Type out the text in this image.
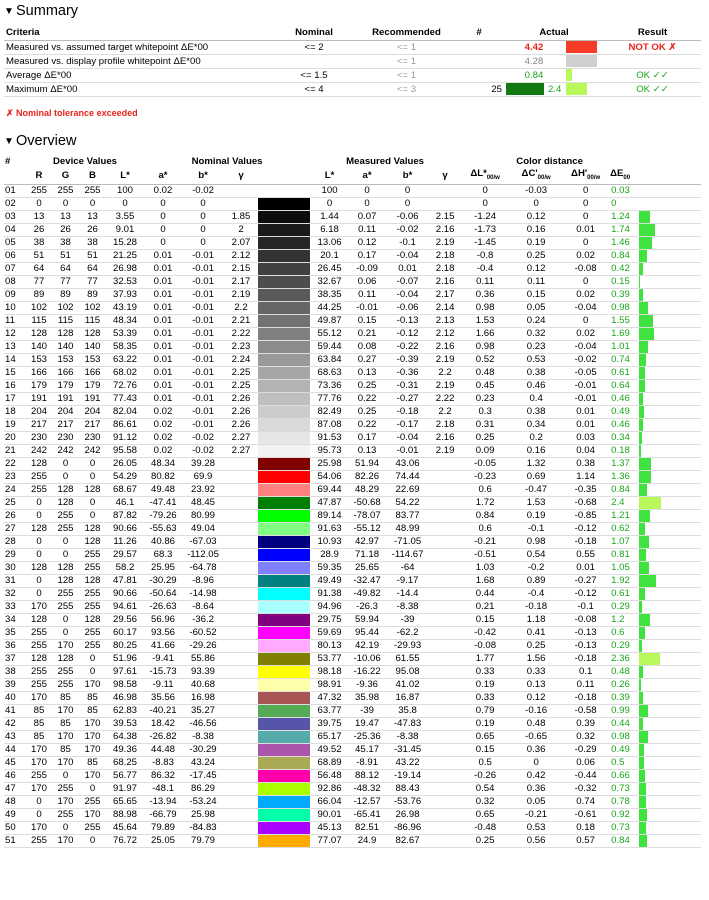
▼ Summary
Criteria	Nominal	Recommended	#	Actual		Result
Measured vs. assumed target whitepoint ΔE*00	<= 2	<= 1		4.42		NOT OK ✗
Measured vs. display profile whitepoint ΔE*00		<= 1		4.28	

Average ΔE*00	<= 1.5	<= 1		0.84		OK ✓✓
Maximum ΔE*00	<= 4	<= 3	25	2.4		OK ✓✓
✗ Nominal tolerance exceeded
▼ Overview
#	Device Values				Nominal Values				Measured Values				Color distance				
	R	G	B	L*	a*	b*	γ		L*	a*	b*	γ	$\Delta L*_{00/w}$	$\Delta C'_{00/w}$	$\Delta H'_{00/w}$	$\Delta E_{00}$	
01	255	255	255	100	0.02	-0.02			100	0	0		0	-0.03	0	0.03	
02	0	0	0	0	0	0			0	0	0		0	0	0	0	
03	13	13	13	3.55	0	0	1.85		1.44	0.07	-0.06	2.15	-1.24	0.12	0	1.24	

04	26	26	26	9.01	0	0	2		6.18	0.11	-0.02	2.16	-1.73	0.16	0.01	1.74	

05	38	38	38	15.28	0	0	2.07		13.06	0.12	-0.1	2.19	-1.45	0.19	0	1.46	

06	51	51	51	21.25	0.01	-0.01	2.12		20.1	0.17	-0.04	2.18	-0.8	0.25	0.02	0.84	

07	64	64	64	26.98	0.01	-0.01	2.15		26.45	-0.09	0.01	2.18	-0.4	0.12	-0.08	0.42	

08	77	77	77	32.53	0.01	-0.01	2.17		32.67	0.06	-0.07	2.16	0.11	0.11	0	0.15	

09	89	89	89	37.93	0.01	-0.01	2.19		38.35	0.11	-0.04	2.17	0.36	0.15	0.02	0.39	

10	102	102	102	43.19	0.01	-0.01	2.2		44.25	-0.01	-0.06	2.14	0.98	0.05	-0.04	0.98	

11	115	115	115	48.34	0.01	-0.01	2.21		49.87	0.15	-0.13	2.13	1.53	0.24	0	1.55	

12	128	128	128	53.39	0.01	-0.01	2.22		55.12	0.21	-0.12	2.12	1.66	0.32	0.02	1.69	

13	140	140	140	58.35	0.01	-0.01	2.23		59.44	0.08	-0.22	2.16	0.98	0.23	-0.04	1.01	

14	153	153	153	63.22	0.01	-0.01	2.24		63.84	0.27	-0.39	2.19	0.52	0.53	-0.02	0.74	

15	166	166	166	68.02	0.01	-0.01	2.25		68.63	0.13	-0.36	2.2	0.48	0.38	-0.05	0.61	

16	179	179	179	72.76	0.01	-0.01	2.25		73.36	0.25	-0.31	2.19	0.45	0.46	-0.01	0.64	

17	191	191	191	77.43	0.01	-0.01	2.26		77.76	0.22	-0.27	2.22	0.23	0.4	-0.01	0.46	

18	204	204	204	82.04	0.02	-0.01	2.26		82.49	0.25	-0.18	2.2	0.3	0.38	0.01	0.49	

19	217	217	217	86.61	0.02	-0.01	2.26		87.08	0.22	-0.17	2.18	0.31	0.34	0.01	0.46	

20	230	230	230	91.12	0.02	-0.02	2.27		91.53	0.17	-0.04	2.16	0.25	0.2	0.03	0.34	

21	242	242	242	95.58	0.02	-0.02	2.27		95.73	0.13	-0.01	2.19	0.09	0.16	0.04	0.18	

22	128	0	0	26.05	48.34	39.28			25.98	51.94	43.06		-0.05	1.32	0.38	1.37	

23	255	0	0	54.29	80.82	69.9			54.06	82.26	74.44		-0.23	0.69	1.14	1.36	

24	255	128	128	68.67	49.48	23.92			69.44	48.29	22.69		0.6	-0.47	-0.35	0.84	

25	0	128	0	46.1	-47.41	48.45			47.87	-50.68	54.22		1.72	1.53	-0.68	2.4	

26	0	255	0	87.82	-79.26	80.99			89.14	-78.07	83.77		0.84	0.19	-0.85	1.21	

27	128	255	128	90.66	-55.63	49.04			91.63	-55.12	48.99		0.6	-0.1	-0.12	0.62	

28	0	0	128	11.26	40.86	-67.03			10.93	42.97	-71.05		-0.21	0.98	-0.18	1.07	

29	0	0	255	29.57	68.3	-112.05			28.9	71.18	-114.67		-0.51	0.54	0.55	0.81	

30	128	128	255	58.2	25.95	-64.78			59.35	25.65	-64		1.03	-0.2	0.01	1.05	

31	0	128	128	47.81	-30.29	-8.96			49.49	-32.47	-9.17		1.68	0.89	-0.27	1.92	

32	0	255	255	90.66	-50.64	-14.98			91.38	-49.82	-14.4		0.44	-0.4	-0.12	0.61	

33	170	255	255	94.61	-26.63	-8.64			94.96	-26.3	-8.38		0.21	-0.18	-0.1	0.29	

34	128	0	128	29.56	56.96	-36.2			29.75	59.94	-39		0.15	1.18	-0.08	1.2	

35	255	0	255	60.17	93.56	-60.52			59.69	95.44	-62.2		-0.42	0.41	-0.13	0.6	

36	255	170	255	80.25	41.66	-29.26			80.13	42.19	-29.93		-0.08	0.25	-0.13	0.29	

37	128	128	0	51.96	-9.41	55.86			53.77	-10.06	61.55		1.77	1.56	-0.18	2.36	

38	255	255	0	97.61	-15.73	93.39			98.18	-16.22	95.08		0.33	0.33	0.1	0.48	

39	255	255	170	98.58	-9.11	40.68			98.91	-9.36	41.02		0.19	0.13	0.11	0.26	

40	170	85	85	46.98	35.56	16.98			47.32	35.98	16.87		0.33	0.12	-0.18	0.39	

41	85	170	85	62.83	-40.21	35.27			63.77	-39	35.8		0.79	-0.16	-0.58	0.99	

42	85	85	170	39.53	18.42	-46.56			39.75	19.47	-47.83		0.19	0.48	0.39	0.44	

43	85	170	170	64.38	-26.82	-8.38			65.17	-25.36	-8.38		0.65	-0.65	0.32	0.98	

44	170	85	170	49.36	44.48	-30.29			49.52	45.17	-31.45		0.15	0.36	-0.29	0.49	

45	170	170	85	68.25	-8.83	43.24			68.89	-8.91	43.22		0.5	0	0.06	0.5	

46	255	0	170	56.77	86.32	-17.45			56.48	88.12	-19.14		-0.26	0.42	-0.44	0.66	

47	170	255	0	91.97	-48.1	86.29			92.86	-48.32	88.43		0.54	0.36	-0.32	0.73	

48	0	170	255	65.65	-13.94	-53.24			66.04	-12.57	-53.76		0.32	0.05	0.74	0.78	

49	0	255	170	88.98	-66.79	25.98			90.01	-65.41	26.98		0.65	-0.21	-0.61	0.92	

50	170	0	255	45.64	79.89	-84.83			45.13	82.51	-86.96		-0.48	0.53	0.18	0.73	

51	255	170	0	76.72	25.05	79.79			77.07	24.9	82.67		0.25	0.56	0.57	0.84	
